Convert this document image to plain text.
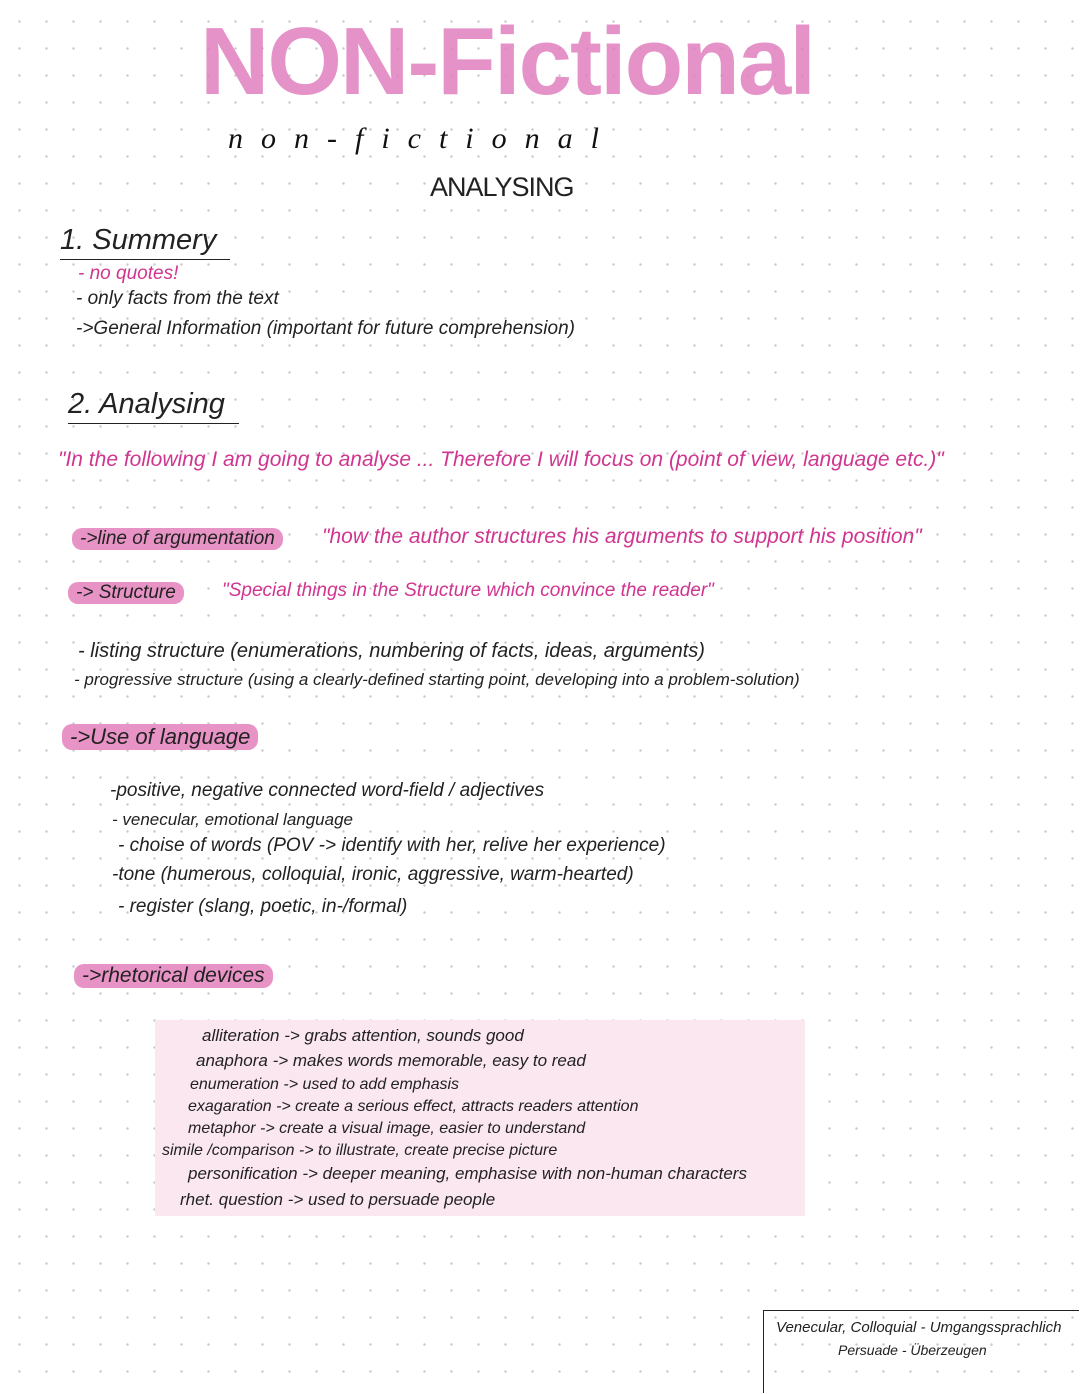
NON-Fictional
non-fictional
ANALYSING
1. Summery
- no quotes!
- only facts from the text
->General Information (important for future comprehension)
2. Analysing
"In the following I am going to analyse ... Therefore I will focus on (point of view, language etc.)"
->line of argumentation	"how the author structures his arguments to support his position"
-> Structure	"Special things in the Structure which convince the reader"
- listing structure (enumerations, numbering of facts, ideas, arguments)
- progressive structure (using a clearly-defined starting point, developing into a problem-solution)
->Use of language
-positive, negative connected word-field / adjectives
- venecular, emotional language
- choise of words (POV -> identify with her, relive her experience)
-tone (humerous, colloquial, ironic, aggressive, warm-hearted)
- register (slang, poetic, in-/formal)
->rhetorical devices
alliteration -> grabs attention, sounds good
anaphora -> makes words memorable, easy to read
enumeration -> used to add emphasis
exagaration -> create a serious effect, attracts readers attention
metaphor -> create a visual image, easier to understand
simile /comparison -> to illustrate, create precise picture
personification -> deeper meaning, emphasise with non-human characters
rhet. question -> used to persuade people
Venecular, Colloquial - Umgangssprachlich
Persuade - Überzeugen
